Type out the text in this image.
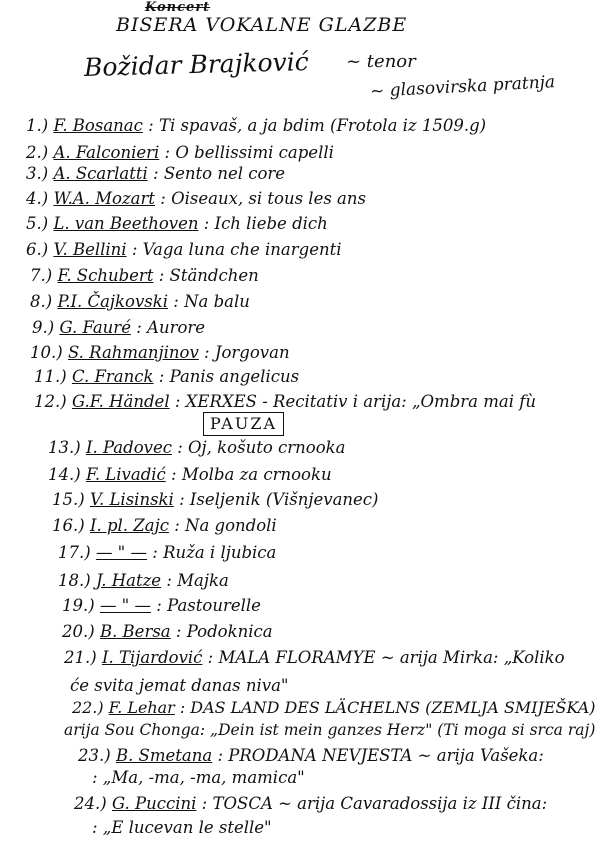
Koncert
BISERA VOKALNE GLAZBE
Božidar Brajković ~ tenor
~ glasovirska pratnja
1.) F. Bosanac : Ti spavaš, a ja bdim (Frotola iz 1509.g)
2.) A. Falconieri : O bellissimi capelli
3.) A. Scarlatti : Sento nel core
4.) W.A. Mozart : Oiseaux, si tous les ans
5.) L. van Beethoven : Ich liebe dich
6.) V. Bellini : Vaga luna che inargenti
7.) F. Schubert : Ständchen
8.) P.I. Čajkovski : Na balu
9.) G. Fauré : Aurore
10.) S. Rahmanjinov : Jorgovan
11.) C. Franck : Panis angelicus
12.) G.F. Händel : XERXES - Recitativ i arija: „Ombra mai fù
13.) I. Padovec : Oj, košuto crnooka
14.) F. Livadić : Molba za crnooku
15.) V. Lisinski : Iseljenik (Višnjevanec)
16.) I. pl. Zajc : Na gondoli
17.) — " — : Ruža i ljubica
18.) J. Hatze : Majka
19.) — " — : Pastourelle
20.) B. Bersa : Podoknica
21.) I. Tijardović : MALA FLORAMYE ~ arija Mirka: „Koliko
22.) F. Lehar : DAS LAND DES LÄCHELNS (ZEMLJA SMIJEŠKA)
23.) B. Smetana : PRODANA NEVJESTA ~ arija Vašeka:
24.) G. Puccini : TOSCA ~ arija Cavaradossija iz III čina:
PAUZA
će svita jemat danas niva"
arija Sou Chonga: „Dein ist mein ganzes Herz" (Ti moga si srca raj)
: „Ma, -ma, -ma, mamica"
: „E lucevan le stelle"
